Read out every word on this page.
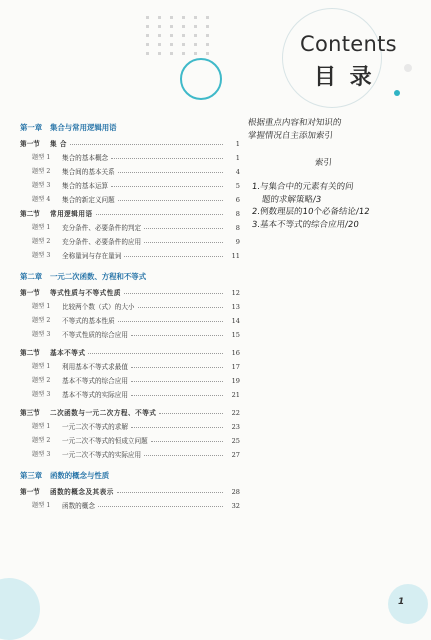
Contents
目 录
第一章	集合与常用逻辑用语
第一节	集 合	1
题型 1	集合的基本概念	1
题型 2	集合间的基本关系	4
题型 3	集合的基本运算	5
题型 4	集合的新定义问题	6
第二节	常用逻辑用语	8
题型 1	充分条件、必要条件的判定	8
题型 2	充分条件、必要条件的应用	9
题型 3	全称量词与存在量词	11
第二章	一元二次函数、方程和不等式
第一节	等式性质与不等式性质	12
题型 1	比较两个数（式）的大小	13
题型 2	不等式的基本性质	14
题型 3	不等式性质的综合应用	15
第二节	基本不等式	16
题型 1	利用基本不等式求最值	17
题型 2	基本不等式的综合应用	19
题型 3	基本不等式的实际应用	21
第三节	二次函数与一元二次方程、不等式	22
题型 1	一元二次不等式的求解	23
题型 2	一元二次不等式的恒成立问题	25
题型 3	一元二次不等式的实际应用	27
第三章	函数的概念与性质
第一节	函数的概念及其表示	28
题型 1	函数的概念	32
根据重点内容和对知识的
掌握情况自主添加索引
索引
1.与集合中的元素有关的问
题的求解策略/3
2.例数理层的10个必备结论/12
3.基本不等式的综合应用/20
1
